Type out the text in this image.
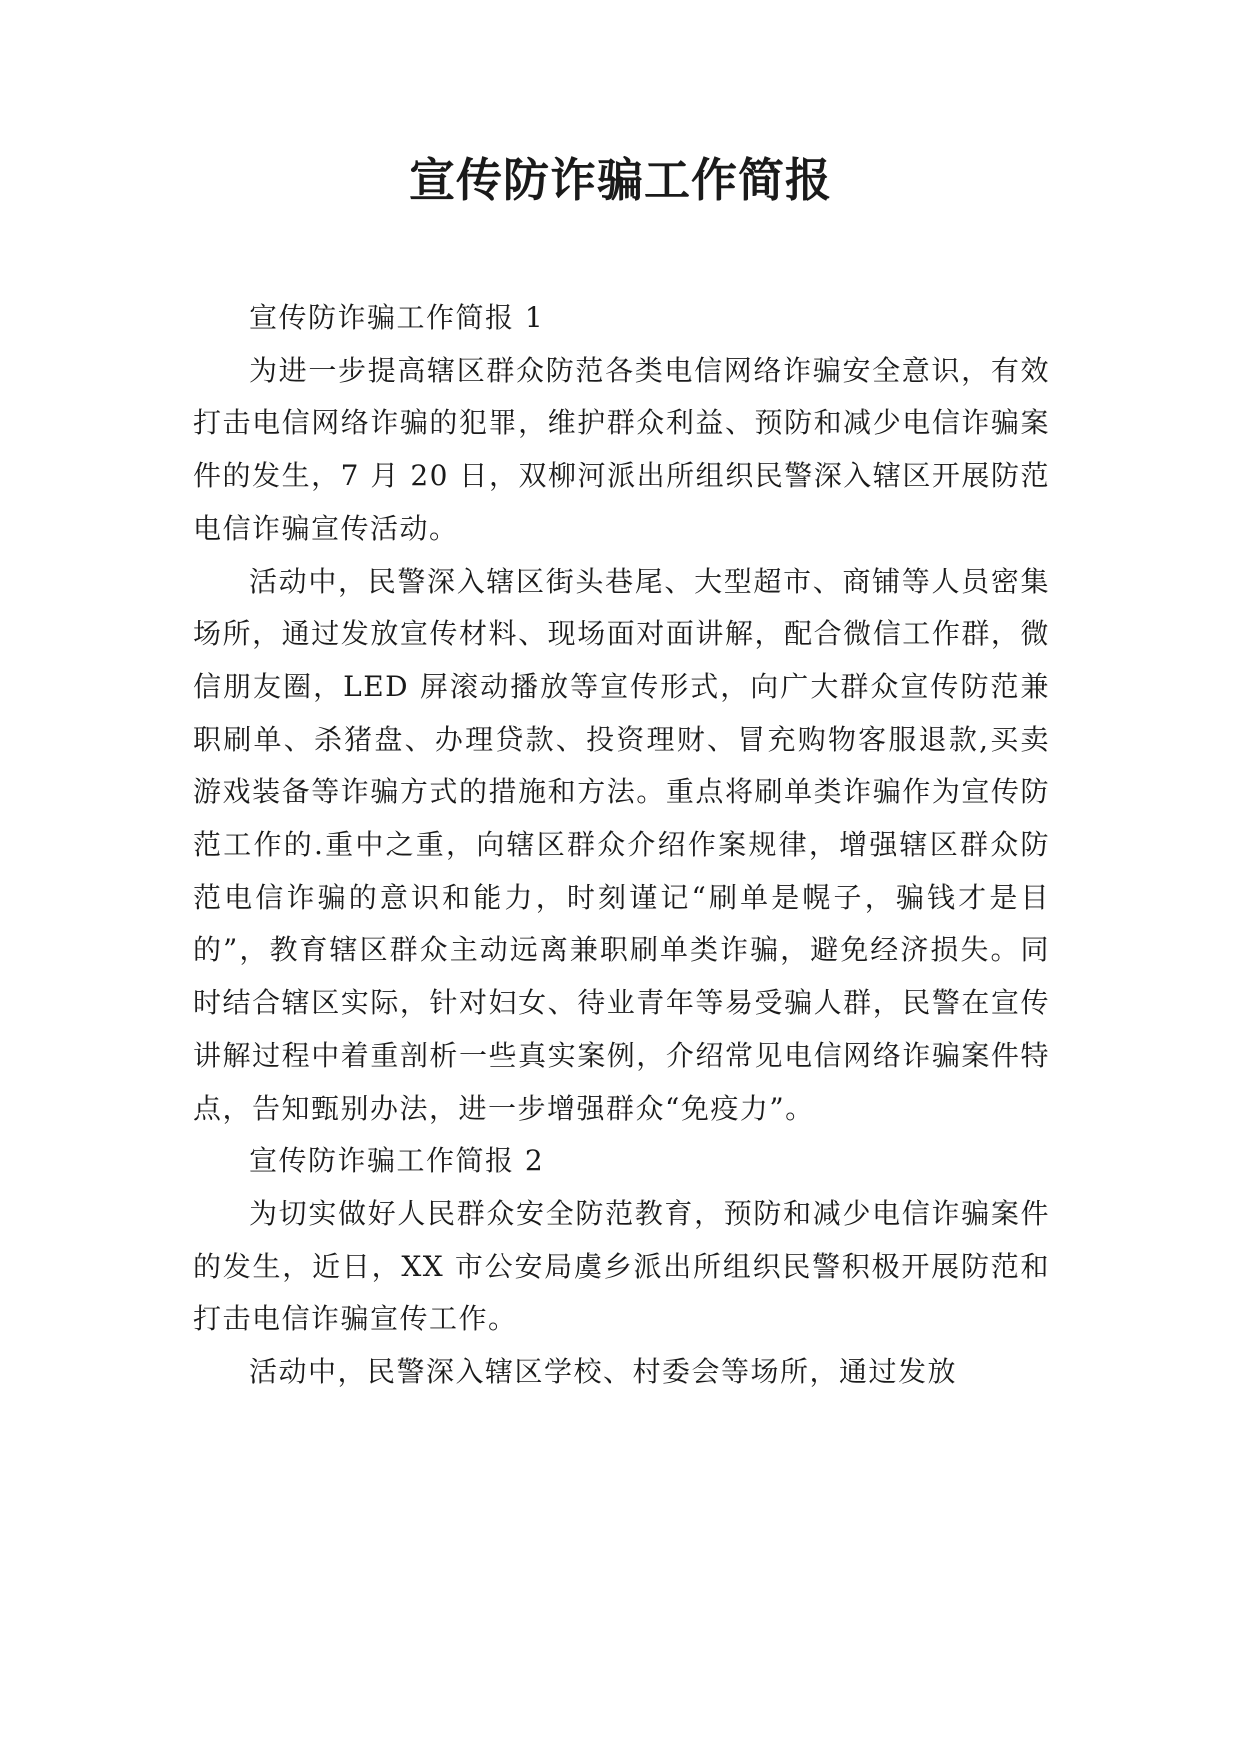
宣传防诈骗工作简报

宣传防诈骗工作简报 1

为进一步提高辖区群众防范各类电信网络诈骗安全意识，有效打击电信网络诈骗的犯罪，维护群众利益、预防和减少电信诈骗案件的发生，7 月 20 日，双柳河派出所组织民警深入辖区开展防范电信诈骗宣传活动。

活动中，民警深入辖区街头巷尾、大型超市、商铺等人员密集场所，通过发放宣传材料、现场面对面讲解，配合微信工作群，微信朋友圈，LED 屏滚动播放等宣传形式，向广大群众宣传防范兼职刷单、杀猪盘、办理贷款、投资理财、冒充购物客服退款,买卖游戏装备等诈骗方式的措施和方法。重点将刷单类诈骗作为宣传防范工作的.重中之重，向辖区群众介绍作案规律，增强辖区群众防范电信诈骗的意识和能力，时刻谨记“刷单是幌子，骗钱才是目的”，教育辖区群众主动远离兼职刷单类诈骗，避免经济损失。同时结合辖区实际，针对妇女、待业青年等易受骗人群，民警在宣传讲解过程中着重剖析一些真实案例，介绍常见电信网络诈骗案件特点，告知甄别办法，进一步增强群众“免疫力”。

宣传防诈骗工作简报 2

为切实做好人民群众安全防范教育，预防和减少电信诈骗案件的发生，近日，XX 市公安局虞乡派出所组织民警积极开展防范和打击电信诈骗宣传工作。

活动中，民警深入辖区学校、村委会等场所，通过发放
